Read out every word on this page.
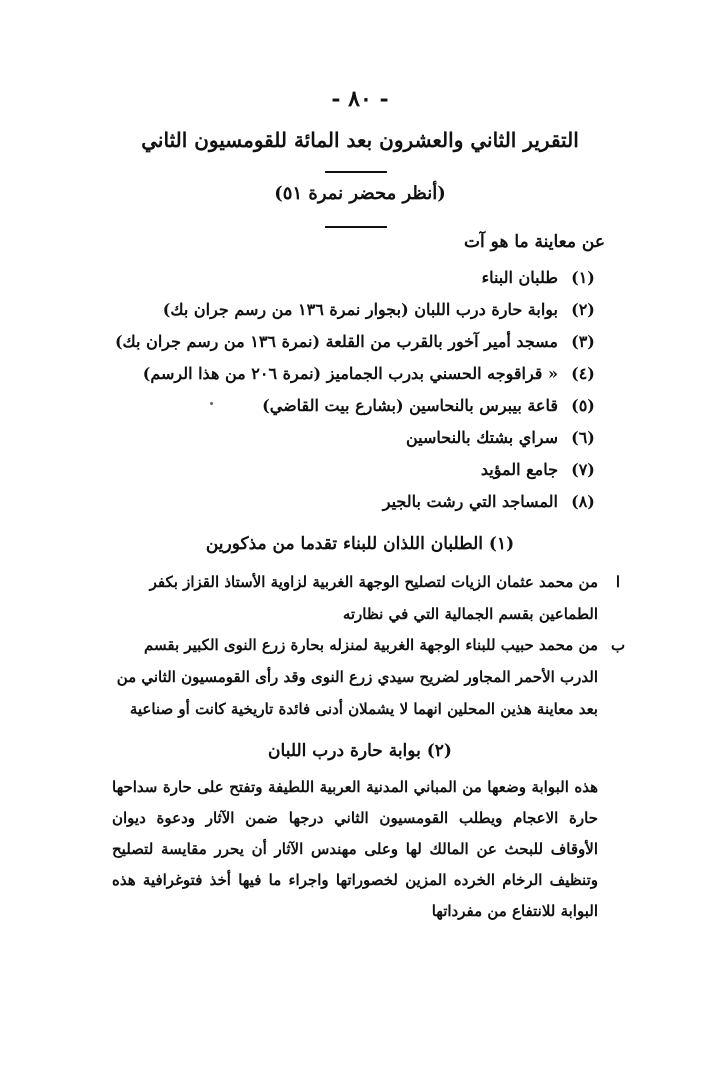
- ٨٠ -
التقرير الثاني والعشرون بعد المائة للقومسيون الثاني
(أنظر محضر نمرة ٥١)
عن معاينة ما هو آت
(١)طلبان البناء
(٢)بوابة حارة درب اللبان (بجوار نمرة ١٣٦ من رسم جران بك)
(٣)مسجد أمير آخور بالقرب من القلعة (نمرة ١٣٦ من رسم جران بك)
(٤)« قراقوجه الحسني بدرب الجماميز (نمرة ٢٠٦ من هذا الرسم)
(٥)قاعة بيبرس بالنحاسين (بشارع بيت القاضي)
(٦)سراي بشتك بالنحاسين
(٧)جامع المؤيد
(٨)المساجد التي رشت بالجير
(١) الطلبان اللذان للبناء تقدما من مذكورين
ا
من محمد عثمان الزيات لتصليح الوجهة الغربية لزاوية الأستاذ القزاز بكفر الطماعين بقسم الجمالية التي في نظارته
ب
من محمد حبيب للبناء الوجهة الغربية لمنزله بحارة زرع النوى الكبير بقسم الدرب الأحمر المجاور لضريح سيدي زرع النوى وقد رأى القومسيون الثاني من بعد معاينة هذين المحلين انهما لا يشملان أدنى فائدة تاريخية كانت أو صناعية
(٢) بوابة حارة درب اللبان
هذه البوابة وضعها من المباني المدنية العربية اللطيفة وتفتح على حارة سداحها حارة الاعجام ويطلب القومسيون الثاني درجها ضمن الآثار ودعوة ديوان الأوقاف للبحث عن المالك لها وعلى مهندس الآثار أن يحرر مقايسة لتصليح وتنظيف الرخام الخرده المزين لخصوراتها واجراء ما فيها أخذ فتوغرافية هذه البوابة للانتفاع من مفرداتها
